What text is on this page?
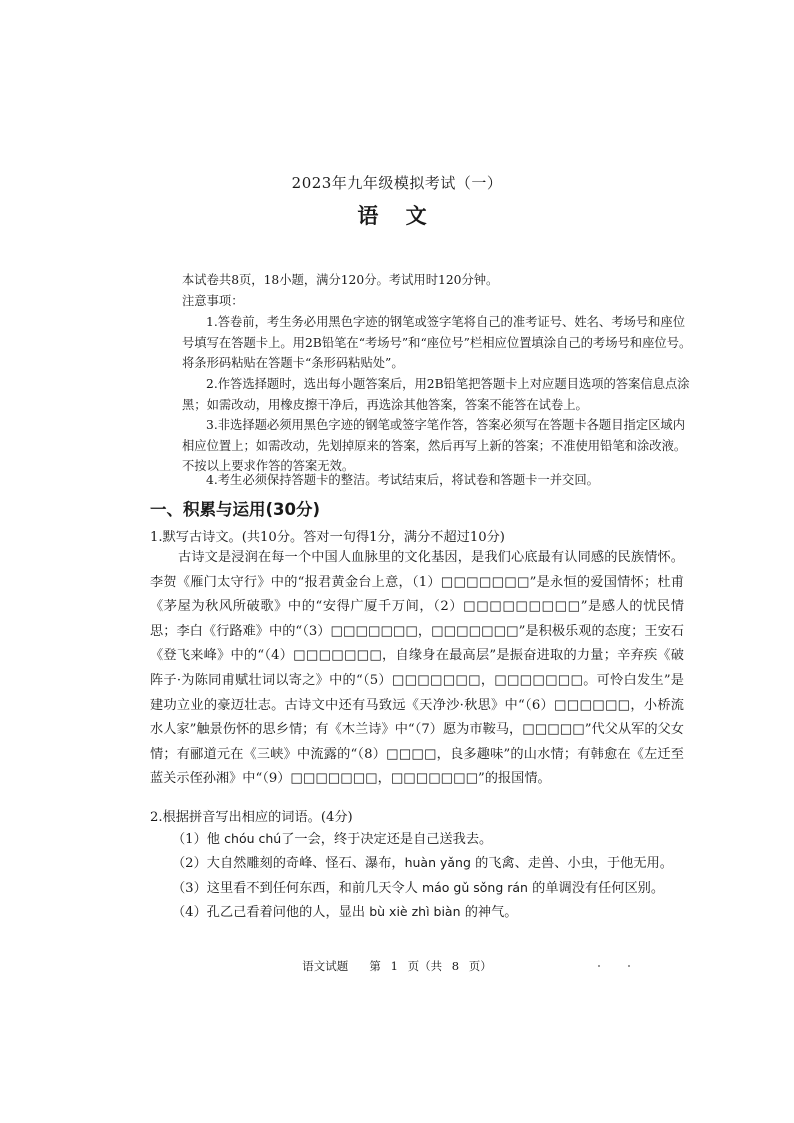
2023年九年级模拟考试（一）
语 文

本试卷共8页，18小题，满分120分。考试用时120分钟。

注意事项：

1.答卷前，考生务必用黑色字迹的钢笔或签字笔将自己的准考证号、姓名、考场号和座位号填写在答题卡上。用2B铅笔在“考场号”和“座位号”栏相应位置填涂自己的考场号和座位号。将条形码粘贴在答题卡“条形码粘贴处”。

2.作答选择题时，选出每小题答案后，用2B铅笔把答题卡上对应题目选项的答案信息点涂黑；如需改动，用橡皮擦干净后，再选涂其他答案，答案不能答在试卷上。

3.非选择题必须用黑色字迹的钢笔或签字笔作答，答案必须写在答题卡各题目指定区域内相应位置上；如需改动，先划掉原来的答案，然后再写上新的答案；不准使用铅笔和涂改液。不按以上要求作答的答案无效。

4.考生必须保持答题卡的整洁。考试结束后，将试卷和答题卡一并交回。

一、积累与运用(30分)
1.默写古诗文。(共10分。答对一句得1分，满分不超过10分)

古诗文是浸润在每一个中国人血脉里的文化基因，是我们心底最有认同感的民族情怀。李贺《雁门太守行》中的“报君黄金台上意，（1）□□□□□□□”是永恒的爱国情怀；杜甫《茅屋为秋风所破歌》中的“安得广厦千万间，（2）□□□□□□□□□”是感人的忧民情思；李白《行路难》中的“（3）□□□□□□□，□□□□□□□”是积极乐观的态度；王安石《登飞来峰》中的“（4）□□□□□□□，自缘身在最高层”是振奋进取的力量；辛弃疾《破阵子·为陈同甫赋壮词以寄之》中的“（5）□□□□□□□，□□□□□□□。可怜白发生”是建功立业的豪迈壮志。古诗文中还有马致远《天净沙·秋思》中“（6）□□□□□□，小桥流水人家”触景伤怀的思乡情；有《木兰诗》中“（7）愿为市鞍马，□□□□□”代父从军的父女情；有郦道元在《三峡》中流露的“（8）□□□□，良多趣味”的山水情；有韩愈在《左迁至蓝关示侄孙湘》中“（9）□□□□□□□，□□□□□□□”的报国情。

2.根据拼音写出相应的词语。(4分)
（1）他 chóu chú了一会，终于决定还是自己送我去。
（2）大自然雕刻的奇峰、怪石、瀑布，huàn yǎng 的飞禽、走兽、小虫，于他无用。
（3）这里看不到任何东西，和前几天令人 máo gǔ sǒng rán 的单调没有任何区别。
（4）孔乙己看着问他的人，显出 bù xiè zhì biàn 的神气。
语文试题　 第 1 页（共 8 页）
